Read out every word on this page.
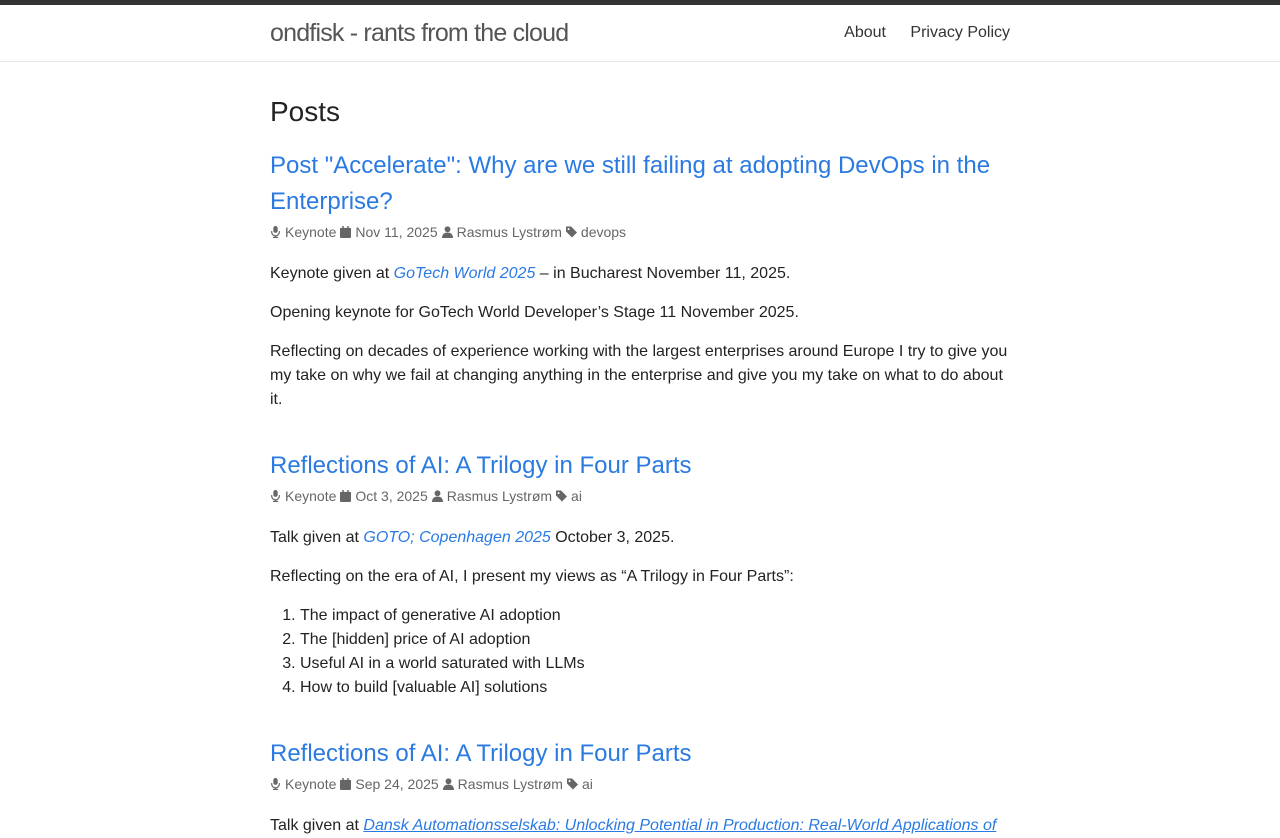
ondfisk - rants from the cloud	About Privacy Policy
Posts
Post "Accelerate": Why are we still failing at adopting DevOps in the Enterprise?
Keynote Nov 11, 2025 Rasmus Lystrøm devops

Keynote given at GoTech World 2025 – in Bucharest November 11, 2025.

Opening keynote for GoTech World Developer’s Stage 11 November 2025.

Reflecting on decades of experience working with the largest enterprises around Europe I try to give you my take on why we fail at changing anything in the enterprise and give you my take on what to do about it.

Reflections of AI: A Trilogy in Four Parts
Keynote Oct 3, 2025 Rasmus Lystrøm ai

Talk given at GOTO; Copenhagen 2025 October 3, 2025.

Reflecting on the era of AI, I present my views as “A Trilogy in Four Parts”:

1. The impact of generative AI adoption
2. The [hidden] price of AI adoption
3. Useful AI in a world saturated with LLMs
4. How to build [valuable AI] solutions
Reflections of AI: A Trilogy in Four Parts
Keynote Sep 24, 2025 Rasmus Lystrøm ai

Talk given at Dansk Automationsselskab: Unlocking Potential in Production: Real-World Applications of
